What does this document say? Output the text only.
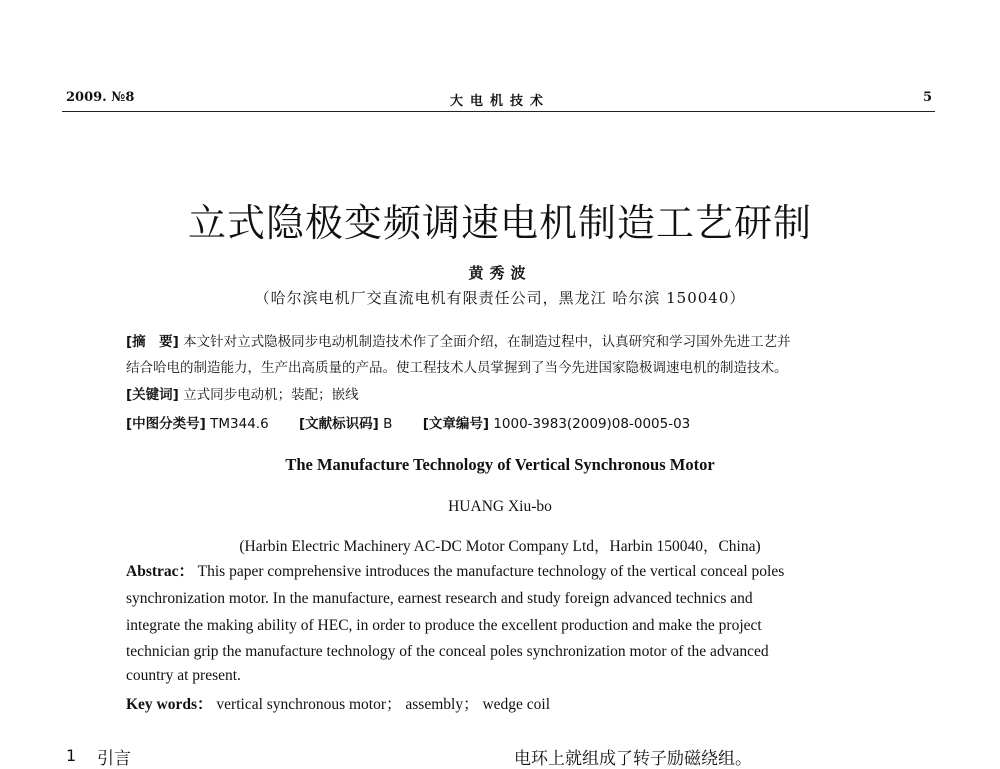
2009. №8	大电机技术	5
立式隐极变频调速电机制造工艺研制
黄秀波
（哈尔滨电机厂交直流电机有限责任公司，黑龙江 哈尔滨 150040）
[摘　要] 本文针对立式隐极同步电动机制造技术作了全面介绍，在制造过程中，认真研究和学习国外先进工艺并
结合哈电的制造能力，生产出高质量的产品。使工程技术人员掌握到了当今先进国家隐极调速电机的制造技术。
[关键词] 立式同步电动机；装配；嵌线
[中图分类号] TM344.6 [文献标识码] B [文章编号] 1000-3983(2009)08-0005-03
The Manufacture Technology of Vertical Synchronous Motor
HUANG Xiu-bo
(Harbin Electric Machinery AC-DC Motor Company Ltd，Harbin 150040，China)
Abstrac： This paper comprehensive introduces the manufacture technology of the vertical conceal poles
synchronization motor. In the manufacture, earnest research and study foreign advanced technics and
integrate the making ability of HEC, in order to produce the excellent production and make the project
technician grip the manufacture technology of the conceal poles synchronization motor of the advanced
country at present.
Key words： vertical synchronous motor； assembly； wedge coil
1 引言	电环上就组成了转子励磁绕组。
